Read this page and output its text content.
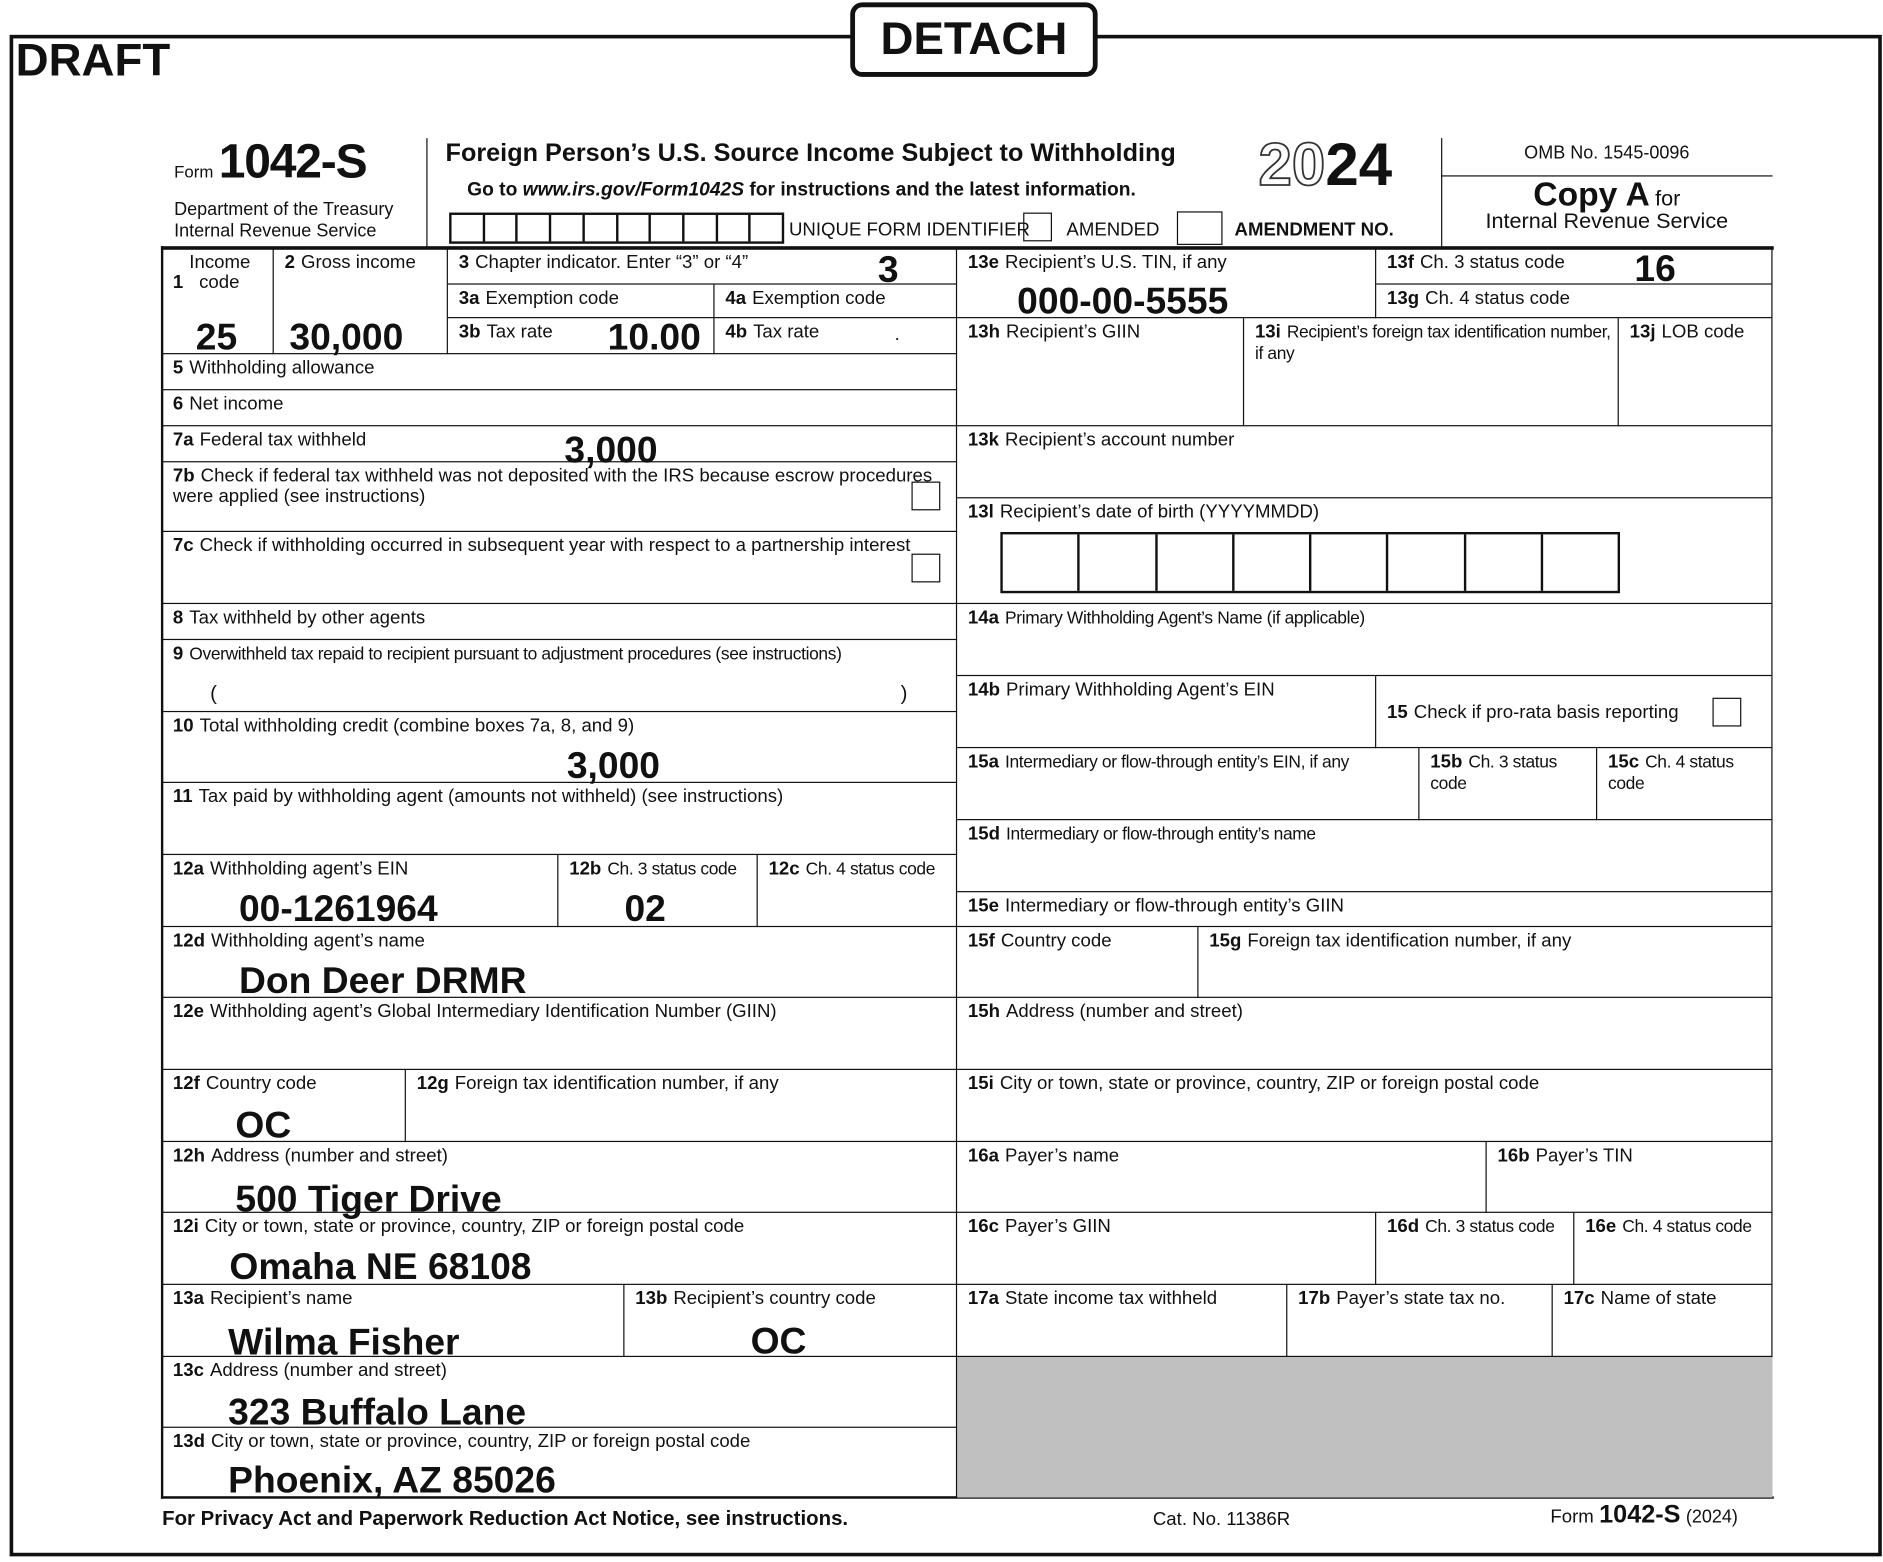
DETACH
DRAFT
Form 1042-S
Department of the Treasury
Internal Revenue Service
Foreign Person’s U.S. Source Income Subject to Withholding
Go to www.irs.gov/Form1042S for instructions and the latest information. 2024
UNIQUE FORM IDENTIFIER AMENDED	AMENDMENT NO.
OMB No. 1545-0096
Copy A for
Internal Revenue Service
1Income code
25
2 Gross income
30,000
3 Chapter indicator. Enter “3” or “4”	3
3a Exemption code	4a Exemption code
3b Tax rate 10.00	4b Tax rate	.
5 Withholding allowance
6 Net income
7a Federal tax withheld	3,000
7b Check if federal tax withheld was not deposited with the IRS because escrow procedures were applied (see instructions)
7c Check if withholding occurred in subsequent year with respect to a partnership interest
8 Tax withheld by other agents
9 Overwithheld tax repaid to recipient pursuant to adjustment procedures (see instructions)
(	)
10 Total withholding credit (combine boxes 7a, 8, and 9)
3,000
11 Tax paid by withholding agent (amounts not withheld) (see instructions)
12a Withholding agent’s EIN
00-1261964
12b Ch. 3 status code
02
12c Ch. 4 status code
12d Withholding agent’s name
Don Deer DRMR
12e Withholding agent’s Global Intermediary Identification Number (GIIN)
12f Country code
OC
12g Foreign tax identification number, if any
12h Address (number and street)
500 Tiger Drive
12i City or town, state or province, country, ZIP or foreign postal code
Omaha NE 68108
13a Recipient’s name
Wilma Fisher
13b Recipient’s country code
OC
13c Address (number and street)
323 Buffalo Lane
13d City or town, state or province, country, ZIP or foreign postal code
Phoenix, AZ 85026
13e Recipient’s U.S. TIN, if any
000-00-5555
13f Ch. 3 status code 16
13g Ch. 4 status code
13h Recipient’s GIIN	13i Recipient’s foreign tax identification number, if any
13j LOB code
13k Recipient’s account number
13l Recipient’s date of birth (YYYYMMDD)
14a Primary Withholding Agent’s Name (if applicable)
14b Primary Withholding Agent’s EIN
15 Check if pro-rata basis reporting
15a Intermediary or flow-through entity’s EIN, if any	15b Ch. 3 status code
15c Ch. 4 status code
15d Intermediary or flow-through entity’s name
15e Intermediary or flow-through entity’s GIIN
15f Country code	15g Foreign tax identification number, if any
15h Address (number and street)
15i City or town, state or province, country, ZIP or foreign postal code
16a Payer’s name	16b Payer’s TIN
16c Payer’s GIIN	16d Ch. 3 status code	16e Ch. 4 status code
17a State income tax withheld	17b Payer’s state tax no.	17c Name of state
For Privacy Act and Paperwork Reduction Act Notice, see instructions.	Cat. No. 11386R	Form 1042-S (2024)
